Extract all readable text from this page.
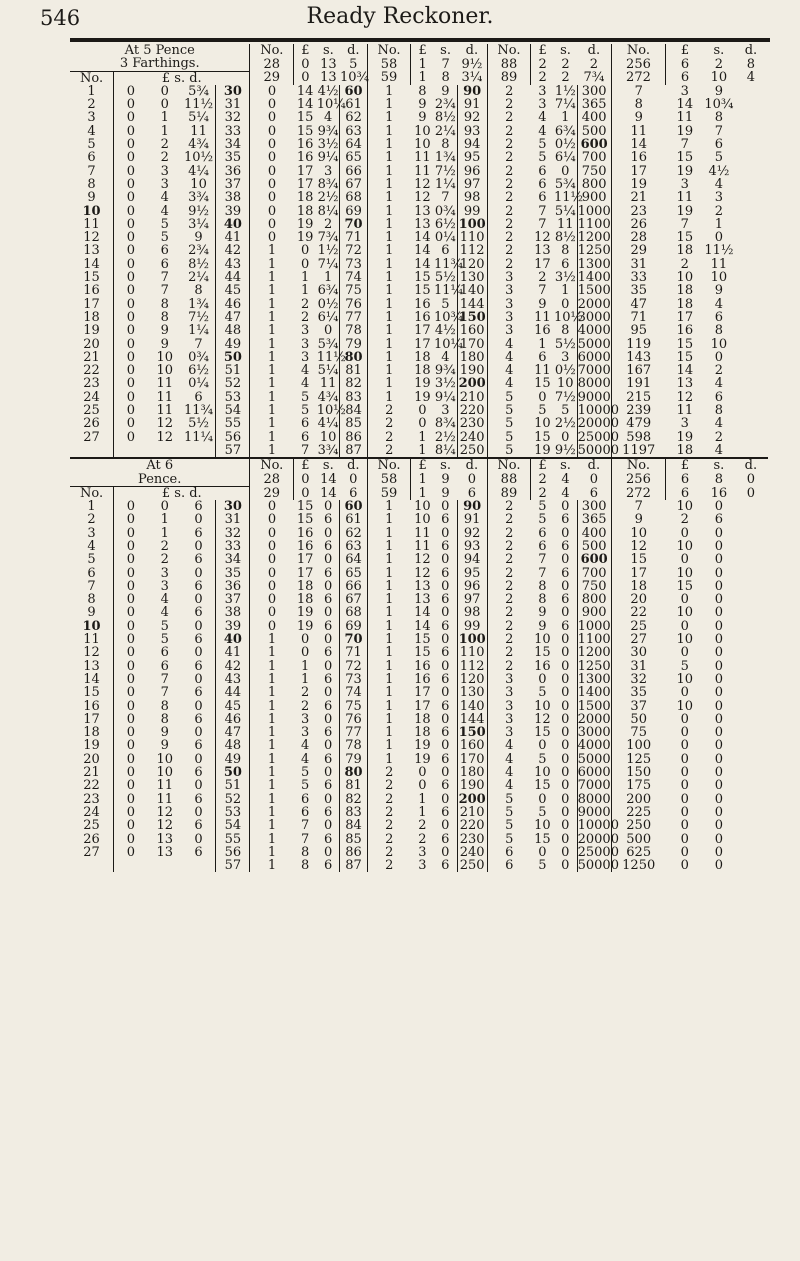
546	Ready Reckoner.
At 5 Pence
3 Farthings.					No.	£	s.	d.	No.	£	s.	d.	No.	£	s.	d.	No.	£	s.	d.
					28	0	13	5	58	1	7	9½	88	2	2	2	256	6	2	8
No.	£ s. d.				29	0	13	10¾	59	1	8	3¼	89	2	2	7¾	272	6	10	4
1	0	0	5¾	30	0	14	4½	60	1	8	9	90	2	3	1½	300	7	3	9	
2	0	0	11½	31	0	14	10¼	61	1	9	2¾	91	2	3	7¼	365	8	14	10¾	
3	0	1	5¼	32	0	15	4	62	1	9	8½	92	2	4	1	400	9	11	8	
4	0	1	11	33	0	15	9¾	63	1	10	2¼	93	2	4	6¾	500	11	19	7	
5	0	2	4¾	34	0	16	3½	64	1	10	8	94	2	5	0½	600	14	7	6	
6	0	2	10½	35	0	16	9¼	65	1	11	1¾	95	2	5	6¼	700	16	15	5	
7	0	3	4¼	36	0	17	3	66	1	11	7½	96	2	6	0	750	17	19	4½	
8	0	3	10	37	0	17	8¾	67	1	12	1¼	97	2	6	5¾	800	19	3	4	
9	0	4	3¾	38	0	18	2½	68	1	12	7	98	2	6	11½	900	21	11	3	
10	0	4	9½	39	0	18	8¼	69	1	13	0¾	99	2	7	5¼	1000	23	19	2	
11	0	5	3¼	40	0	19	2	70	1	13	6½	100	2	7	11	1100	26	7	1	
12	0	5	9	41	0	19	7¾	71	1	14	0¼	110	2	12	8½	1200	28	15	0	
13	0	6	2¾	42	1	0	1½	72	1	14	6	112	2	13	8	1250	29	18	11½	
14	0	6	8½	43	1	0	7¼	73	1	14	11¾	120	2	17	6	1300	31	2	11	
15	0	7	2¼	44	1	1	1	74	1	15	5½	130	3	2	3½	1400	33	10	10	
16	0	7	8	45	1	1	6¾	75	1	15	11¼	140	3	7	1	1500	35	18	9	
17	0	8	1¾	46	1	2	0½	76	1	16	5	144	3	9	0	2000	47	18	4	
18	0	8	7½	47	1	2	6¼	77	1	16	10¾	150	3	11	10½	3000	71	17	6	
19	0	9	1¼	48	1	3	0	78	1	17	4½	160	3	16	8	4000	95	16	8	
20	0	9	7	49	1	3	5¾	79	1	17	10¼	170	4	1	5½	5000	119	15	10	
21	0	10	0¾	50	1	3	11½	80	1	18	4	180	4	6	3	6000	143	15	0	
22	0	10	6½	51	1	4	5¼	81	1	18	9¾	190	4	11	0½	7000	167	14	2	
23	0	11	0¼	52	1	4	11	82	1	19	3½	200	4	15	10	8000	191	13	4	
24	0	11	6	53	1	5	4¾	83	1	19	9¼	210	5	0	7½	9000	215	12	6	
25	0	11	11¾	54	1	5	10½	84	2	0	3	220	5	5	5	10000	239	11	8	
26	0	12	5½	55	1	6	4¼	85	2	0	8¾	230	5	10	2½	20000	479	3	4	
27	0	12	11¼	56	1	6	10	86	2	1	2½	240	5	15	0	25000	598	19	2	
				57	1	7	3¾	87	2	1	8¼	250	5	19	9½	50000	1197	18	4	
At 6
Pence.					No.	£	s.	d.	No.	£	s.	d.	No.	£	s.	d.	No.	£	s.	d.
					28	0	14	0	58	1	9	0	88	2	4	0	256	6	8	0
No.	£ s. d.				29	0	14	6	59	1	9	6	89	2	4	6	272	6	16	0
1	0	0	6	30	0	15	0	60	1	10	0	90	2	5	0	300	7	10	0	
2	0	1	0	31	0	15	6	61	1	10	6	91	2	5	6	365	9	2	6	
3	0	1	6	32	0	16	0	62	1	11	0	92	2	6	0	400	10	0	0	
4	0	2	0	33	0	16	6	63	1	11	6	93	2	6	6	500	12	10	0	
5	0	2	6	34	0	17	0	64	1	12	0	94	2	7	0	600	15	0	0	
6	0	3	0	35	0	17	6	65	1	12	6	95	2	7	6	700	17	10	0	
7	0	3	6	36	0	18	0	66	1	13	0	96	2	8	0	750	18	15	0	
8	0	4	0	37	0	18	6	67	1	13	6	97	2	8	6	800	20	0	0	
9	0	4	6	38	0	19	0	68	1	14	0	98	2	9	0	900	22	10	0	
10	0	5	0	39	0	19	6	69	1	14	6	99	2	9	6	1000	25	0	0	
11	0	5	6	40	1	0	0	70	1	15	0	100	2	10	0	1100	27	10	0	
12	0	6	0	41	1	0	6	71	1	15	6	110	2	15	0	1200	30	0	0	
13	0	6	6	42	1	1	0	72	1	16	0	112	2	16	0	1250	31	5	0	
14	0	7	0	43	1	1	6	73	1	16	6	120	3	0	0	1300	32	10	0	
15	0	7	6	44	1	2	0	74	1	17	0	130	3	5	0	1400	35	0	0	
16	0	8	0	45	1	2	6	75	1	17	6	140	3	10	0	1500	37	10	0	
17	0	8	6	46	1	3	0	76	1	18	0	144	3	12	0	2000	50	0	0	
18	0	9	0	47	1	3	6	77	1	18	6	150	3	15	0	3000	75	0	0	
19	0	9	6	48	1	4	0	78	1	19	0	160	4	0	0	4000	100	0	0	
20	0	10	0	49	1	4	6	79	1	19	6	170	4	5	0	5000	125	0	0	
21	0	10	6	50	1	5	0	80	2	0	0	180	4	10	0	6000	150	0	0	
22	0	11	0	51	1	5	6	81	2	0	6	190	4	15	0	7000	175	0	0	
23	0	11	6	52	1	6	0	82	2	1	0	200	5	0	0	8000	200	0	0	
24	0	12	0	53	1	6	6	83	2	1	6	210	5	5	0	9000	225	0	0	
25	0	12	6	54	1	7	0	84	2	2	0	220	5	10	0	10000	250	0	0	
26	0	13	0	55	1	7	6	85	2	2	6	230	5	15	0	20000	500	0	0	
27	0	13	6	56	1	8	0	86	2	3	0	240	6	0	0	25000	625	0	0	
				57	1	8	6	87	2	3	6	250	6	5	0	50000	1250	0	0	
